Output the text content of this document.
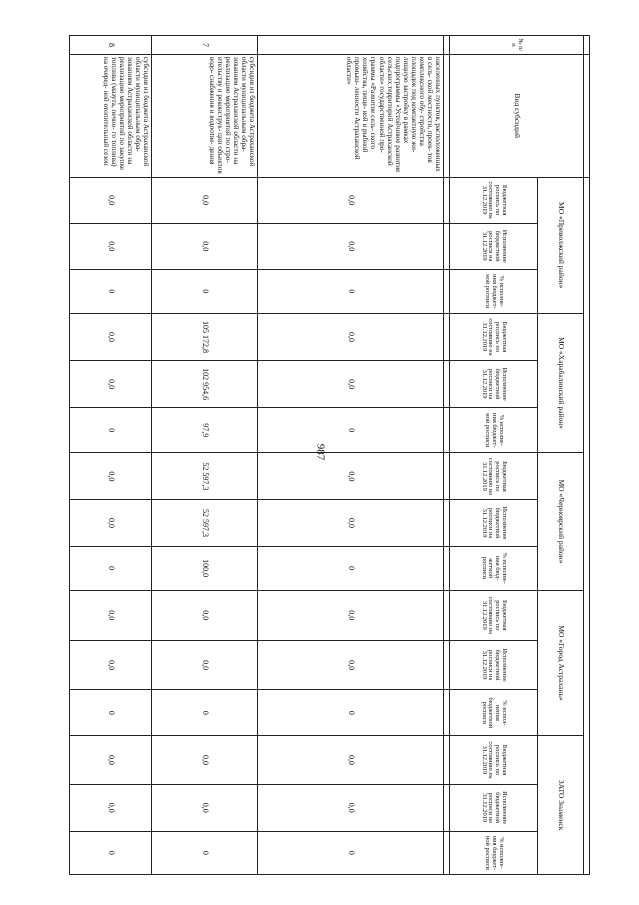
987

№ п/п	Вид субсидий	МО «Приволжский район»			МО «Харабалинский район»			МО «Черноярский район»			МО «Город Астрахань»			ЗАТО Знаменск		
		Бюджетная роспись по состоянию на 31.12.2019	Исполнение бюджетной росписи на 31.12.2019	% исполне- ния бюджет- ной росписи	Бюджетная роспись по состоянию на 31.12.2019	Исполнение бюджетной росписи на 31.12.2019	% исполне- ния бюджет- ной росписи	Бюджетная роспись по состоянию на 31.12.2019	Исполнение бюджетной росписи на 31.12.2019	% исполне- ния бюд- жетной росписи	Бюджетная роспись по состоянию на 31.12.2019	Исполнение бюджетной росписи на 31.12.2019	% испол- нения бюджетной росписи	Бюджетная роспись по состоянию на 31.12.2019	Исполнение бюджетной росписи на 31.12.2019	% исполне- ния бюджет- ной росписи

	населенных пунктов, расположенных в сель- ской местности, проек- тов комплексного обу- стройства площадок под компактную жи- лищную застройку в рамках подпрограммы «Устойчивое развитие сельских территорий Астраханской области» государственной про- граммы «Развитие сель- ского хозяйства, пище- вой и рыбной промыш- ленности Астраханской области»	0,0	0,0	0	0,0	0,0	0	0,0	0,0	0	0,0	0,0	0	0,0	0,0	0
7	субсидия из бюджета Астраханской области муниципальным обра- зованиям Астраханской области на реализацию мероприятий по стро- ительству и реконструк- ции объектов водо- снабжения и водоотве- дения	0,0	0,0	0	105 172,8	102 954,6	97,9	52 597,3	52 597,3	100,0	0,0	0,0	0	0,0	0,0	0
8	субсидия из бюджета Астраханской области муниципальным обра- зованиям Астраханской области на реализацию мероприятий по закупке топлива (мазута, печно- го топлива) на очеред- ной отопительный сезон	0,0	0,0	0	0,0	0,0	0	0,0	0,0	0	0,0	0,0	0	0,0	0,0	0
